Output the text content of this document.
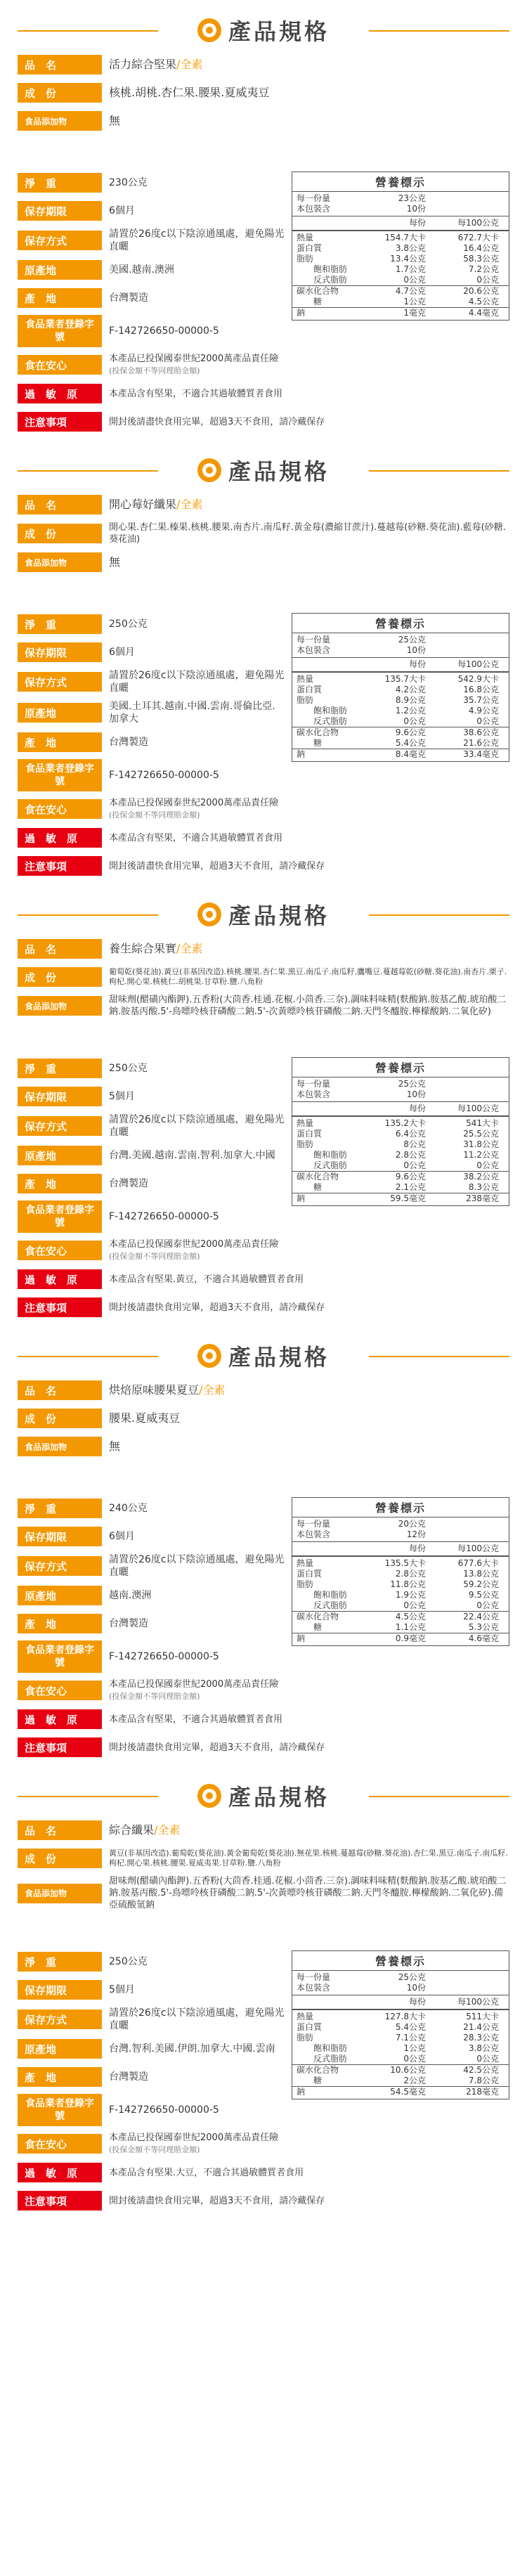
產品規格
品　名	活力綜合堅果/全素
成　份	核桃.胡桃.杏仁果.腰果.夏威夷豆
食品添加物	無
淨　重	230公克
保存期限	6個月
保存方式
請置於26度c以下陰涼通風處，避免陽光直曬
原產地	美國.越南.澳洲
產　地	台灣製造
食品業者登錄字號
F-142726650-00000-5
營養標示
每一份量	23公克
本包裝含	10份
每份	每100公克
熱量	154.7大卡	672.7大卡
蛋白質	3.8公克	16.4公克
脂肪	13.4公克	58.3公克
飽和脂肪	1.7公克	7.2公克
反式脂肪	0公克	0公克
碳水化合物	4.7公克	20.6公克
糖	1公克	4.5公克
鈉	1毫克	4.4毫克
食在安心	本產品已投保國泰世紀2000萬產品責任險
(投保金額不等同理賠金額)
過　敏　原	本產品含有堅果，不適合其過敏體質者食用
注意事項	開封後請盡快食用完畢，超過3天不食用，請冷藏保存
產品規格
品　名	開心莓好纖果/全素
成　份	開心果.杏仁果.榛果.核桃.腰果.南杏片.南瓜籽.黃金莓(濃縮甘蔗汁).蔓越莓(砂糖.葵花油).藍莓(砂糖.葵花油)
食品添加物	無
淨　重	250公克
保存期限	6個月
保存方式
請置於26度c以下陰涼通風處，避免陽光直曬
原產地
美國.土耳其.越南.中國.雲南.哥倫比亞.加拿大
產　地	台灣製造
食品業者登錄字號
F-142726650-00000-5
營養標示
每一份量	25公克
本包裝含	10份
每份	每100公克
熱量	135.7大卡	542.9大卡
蛋白質	4.2公克	16.8公克
脂肪	8.9公克	35.7公克
飽和脂肪	1.2公克	4.9公克
反式脂肪	0公克	0公克
碳水化合物	9.6公克	38.6公克
糖	5.4公克	21.6公克
鈉	8.4毫克	33.4毫克
食在安心	本產品已投保國泰世紀2000萬產品責任險
(投保金額不等同理賠金額)
過　敏　原	本產品含有堅果，不適合其過敏體質者食用
注意事項	開封後請盡快食用完畢，超過3天不食用，請冷藏保存
產品規格
品　名	養生綜合果實/全素
成　份	葡萄乾(葵花油).黃豆(非基因改造).核桃.腰果.杏仁果.黑豆.南瓜子.南瓜籽.鷹嘴豆.蔓越莓乾(砂糖.葵花油).南杏片.栗子.枸杞.開心果.核桃仁.胡桃果.甘草粉.鹽.八角粉
食品添加物
甜味劑(醋磺內酯鉀).五香粉(大茴香.桂通.花椒.小茴香.三奈).調味料味精(麩酸鈉.胺基乙酸.琥珀酸二鈉.胺基丙酸.5'-鳥嘌呤核苷磷酸二鈉.5'-次黃嘌呤核苷磷酸二鈉.天門冬醯胺.檸檬酸鈉.二氧化矽)
淨　重	250公克
保存期限	5個月
保存方式
請置於26度c以下陰涼通風處，避免陽光直曬
原產地	台灣.美國.越南.雲南.智利.加拿大.中國
產　地	台灣製造
食品業者登錄字號
F-142726650-00000-5
營養標示
每一份量	25公克
本包裝含	10份
每份	每100公克
熱量	135.2大卡	541大卡
蛋白質	6.4公克	25.5公克
脂肪	8公克	31.8公克
飽和脂肪	2.8公克	11.2公克
反式脂肪	0公克	0公克
碳水化合物	9.6公克	38.2公克
糖	2.1公克	8.3公克
鈉	59.5毫克	238毫克
食在安心	本產品已投保國泰世紀2000萬產品責任險
(投保金額不等同理賠金額)
過　敏　原	本產品含有堅果.黃豆，不適合其過敏體質者食用
注意事項	開封後請盡快食用完畢，超過3天不食用，請冷藏保存
產品規格
品　名	烘焙原味腰果夏豆/全素
成　份	腰果.夏威夷豆
食品添加物	無
淨　重	240公克
保存期限	6個月
保存方式
請置於26度c以下陰涼通風處，避免陽光直曬
原產地	越南.澳洲
產　地	台灣製造
食品業者登錄字號
F-142726650-00000-5
營養標示
每一份量	20公克
本包裝含	12份
每份	每100公克
熱量	135.5大卡	677.6大卡
蛋白質	2.8公克	13.8公克
脂肪	11.8公克	59.2公克
飽和脂肪	1.9公克	9.5公克
反式脂肪	0公克	0公克
碳水化合物	4.5公克	22.4公克
糖	1.1公克	5.3公克
鈉	0.9毫克	4.6毫克
食在安心	本產品已投保國泰世紀2000萬產品責任險
(投保金額不等同理賠金額)
過　敏　原	本產品含有堅果，不適合其過敏體質者食用
注意事項	開封後請盡快食用完畢，超過3天不食用，請冷藏保存
產品規格
品　名	綜合纖果/全素
成　份	黃豆(非基因改造).葡萄乾(葵花油).黃金葡萄乾(葵花油).無花果.核桃.蔓越莓(砂糖.葵花油).杏仁果.黑豆.南瓜子.南瓜籽.枸杞.開心果.核桃.腰果.夏威夷果.甘草粉.鹽.八角粉
食品添加物
甜味劑(醋磺內酯鉀).五香粉(大茴香.桂通.花椒.小茴香.三奈).調味料味精(麩酸鈉.胺基乙酸.琥珀酸二鈉.胺基丙酸.5'-鳥嘌呤核苷磷酸二鈉.5'-次黃嘌呤核苷磷酸二鈉.天門冬醯胺.檸檬酸鈉.二氧化矽).備亞硫酸氫鈉
淨　重	250公克
保存期限	5個月
保存方式
請置於26度c以下陰涼通風處，避免陽光直曬
原產地	台灣.智利.美國.伊朗.加拿大.中國.雲南
產　地	台灣製造
食品業者登錄字號
F-142726650-00000-5
營養標示
每一份量	25公克
本包裝含	10份
每份	每100公克
熱量	127.8大卡	511大卡
蛋白質	5.4公克	21.4公克
脂肪	7.1公克	28.3公克
飽和脂肪	1公克	3.8公克
反式脂肪	0公克	0公克
碳水化合物	10.6公克	42.5公克
糖	2公克	7.8公克
鈉	54.5毫克	218毫克
食在安心	本產品已投保國泰世紀2000萬產品責任險
(投保金額不等同理賠金額)
過　敏　原	本產品含有堅果.大豆，不適合其過敏體質者食用
注意事項	開封後請盡快食用完畢，超過3天不食用，請冷藏保存
